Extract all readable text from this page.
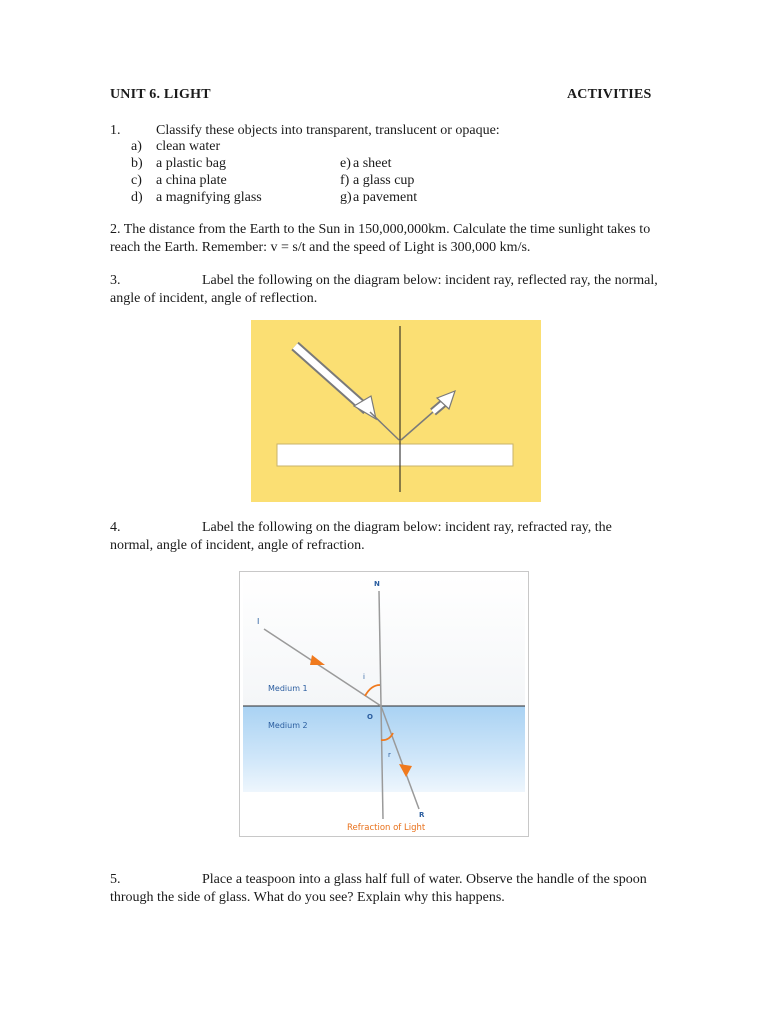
UNIT 6. LIGHT	ACTIVITIES
1.	Classify these objects into transparent, translucent or opaque:
a) clean water
b) a plastic bag	e) a sheet
c) a china plate	f) a glass cup
d) a magnifying glass	g) a pavement
2. The distance from the Earth to the Sun in 150,000,000km. Calculate the time sunlight takes to reach the Earth. Remember: v = s/t and the speed of Light is 300,000 km/s.
3.	Label the following on the diagram below: incident ray, reflected ray, the normal, angle of incident, angle of reflection.
4.	Label the following on the diagram below: incident ray, refracted ray, the normal, angle of incident, angle of refraction.
N
I
i
Medium 1
O
Medium 2
r
R
Refraction of Light
5.	Place a teaspoon into a glass half full of water. Observe the handle of the spoon through the side of glass. What do you see? Explain why this happens.
